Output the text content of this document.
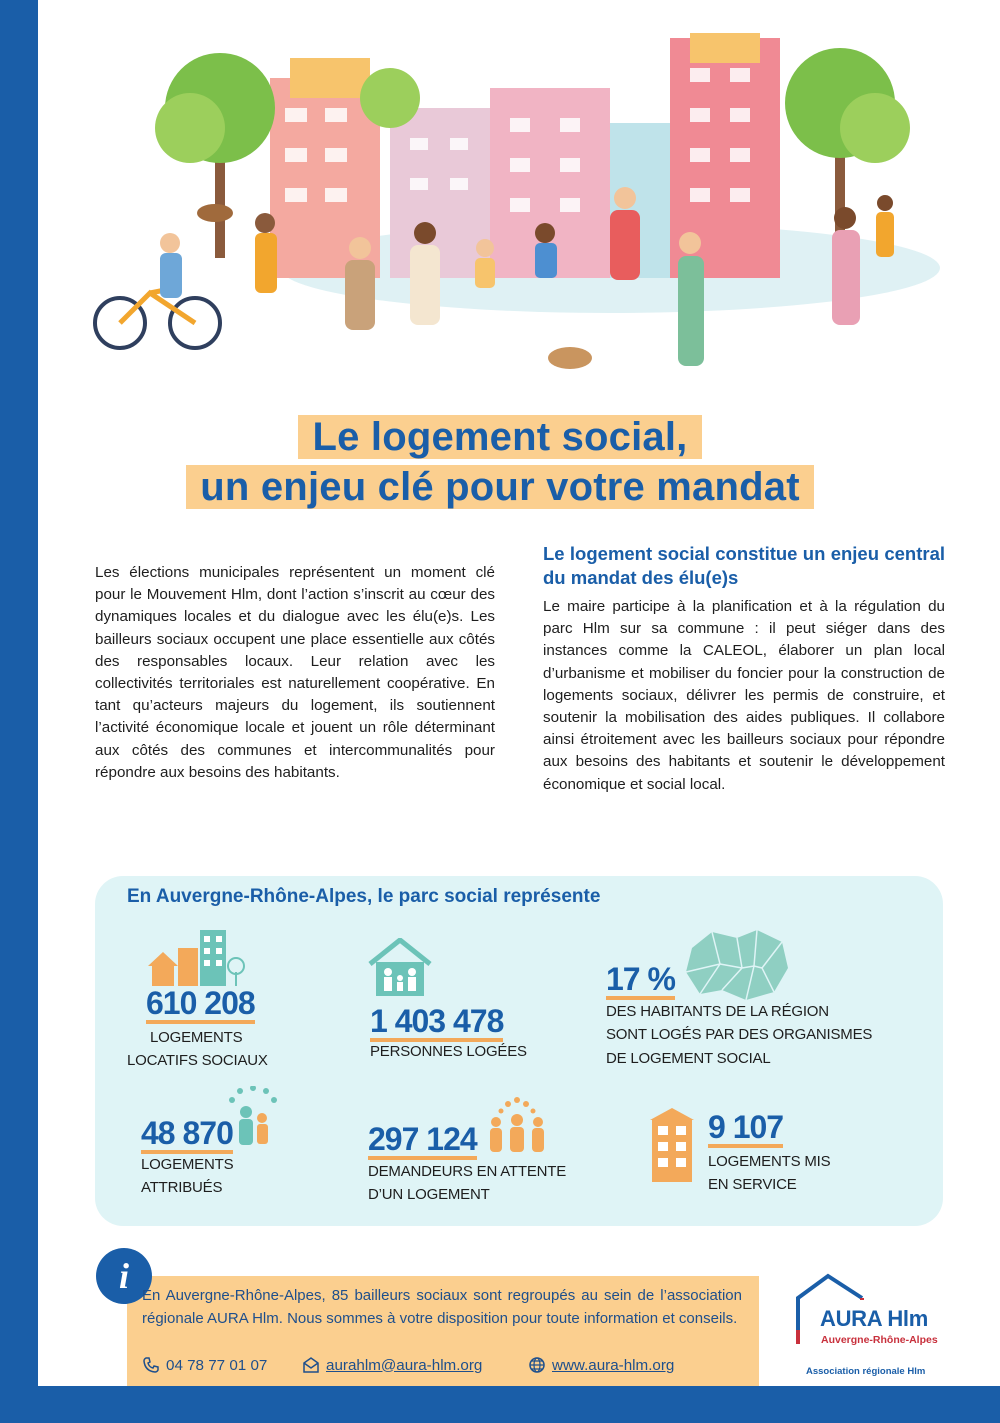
Le logement social,
un enjeu clé pour votre mandat
Les élections municipales représentent un moment clé pour le Mouvement Hlm, dont l’action s’inscrit au cœur des dynamiques locales et du dialogue avec les élu(e)s. Les bailleurs sociaux occupent une place essentielle aux côtés des responsables locaux. Leur relation avec les collectivités territoriales est naturellement coopérative. En tant qu’acteurs majeurs du logement, ils soutiennent l’activité économique locale et jouent un rôle déterminant aux côtés des communes et intercommunalités pour répondre aux besoins des habitants.
Le logement social constitue un enjeu central du mandat des élu(e)s
Le maire participe à la planification et à la régulation du parc Hlm sur sa commune : il peut siéger dans des instances comme la CALEOL, élaborer un plan local d’urbanisme et mobiliser du foncier pour la construction de logements sociaux, délivrer les permis de construire, et soutenir la mobilisation des aides publiques. Il collabore ainsi étroitement avec les bailleurs sociaux pour répondre aux besoins des habitants et soutenir le développement économique et social local.
En Auvergne-Rhône-Alpes, le parc social représente
610 208
LOGEMENTS
LOCATIFS SOCIAUX
1 403 478
PERSONNES LOGÉES
17 %
DES HABITANTS DE LA RÉGION
SONT LOGÉS PAR DES ORGANISMES
DE LOGEMENT SOCIAL
48 870
LOGEMENTS
ATTRIBUÉS
297 124
DEMANDEURS EN ATTENTE
D’UN LOGEMENT
9 107
LOGEMENTS MIS
EN SERVICE
i En Auvergne-Rhône-Alpes, 85 bailleurs sociaux sont regroupés au sein de l’association régionale AURA Hlm. Nous sommes à votre disposition pour toute information et conseils.
04 78 77 01 07	aurahlm@aura-hlm.org	www.aura-hlm.org
AURA Hlm
Auvergne-Rhône-Alpes
Association régionale Hlm
